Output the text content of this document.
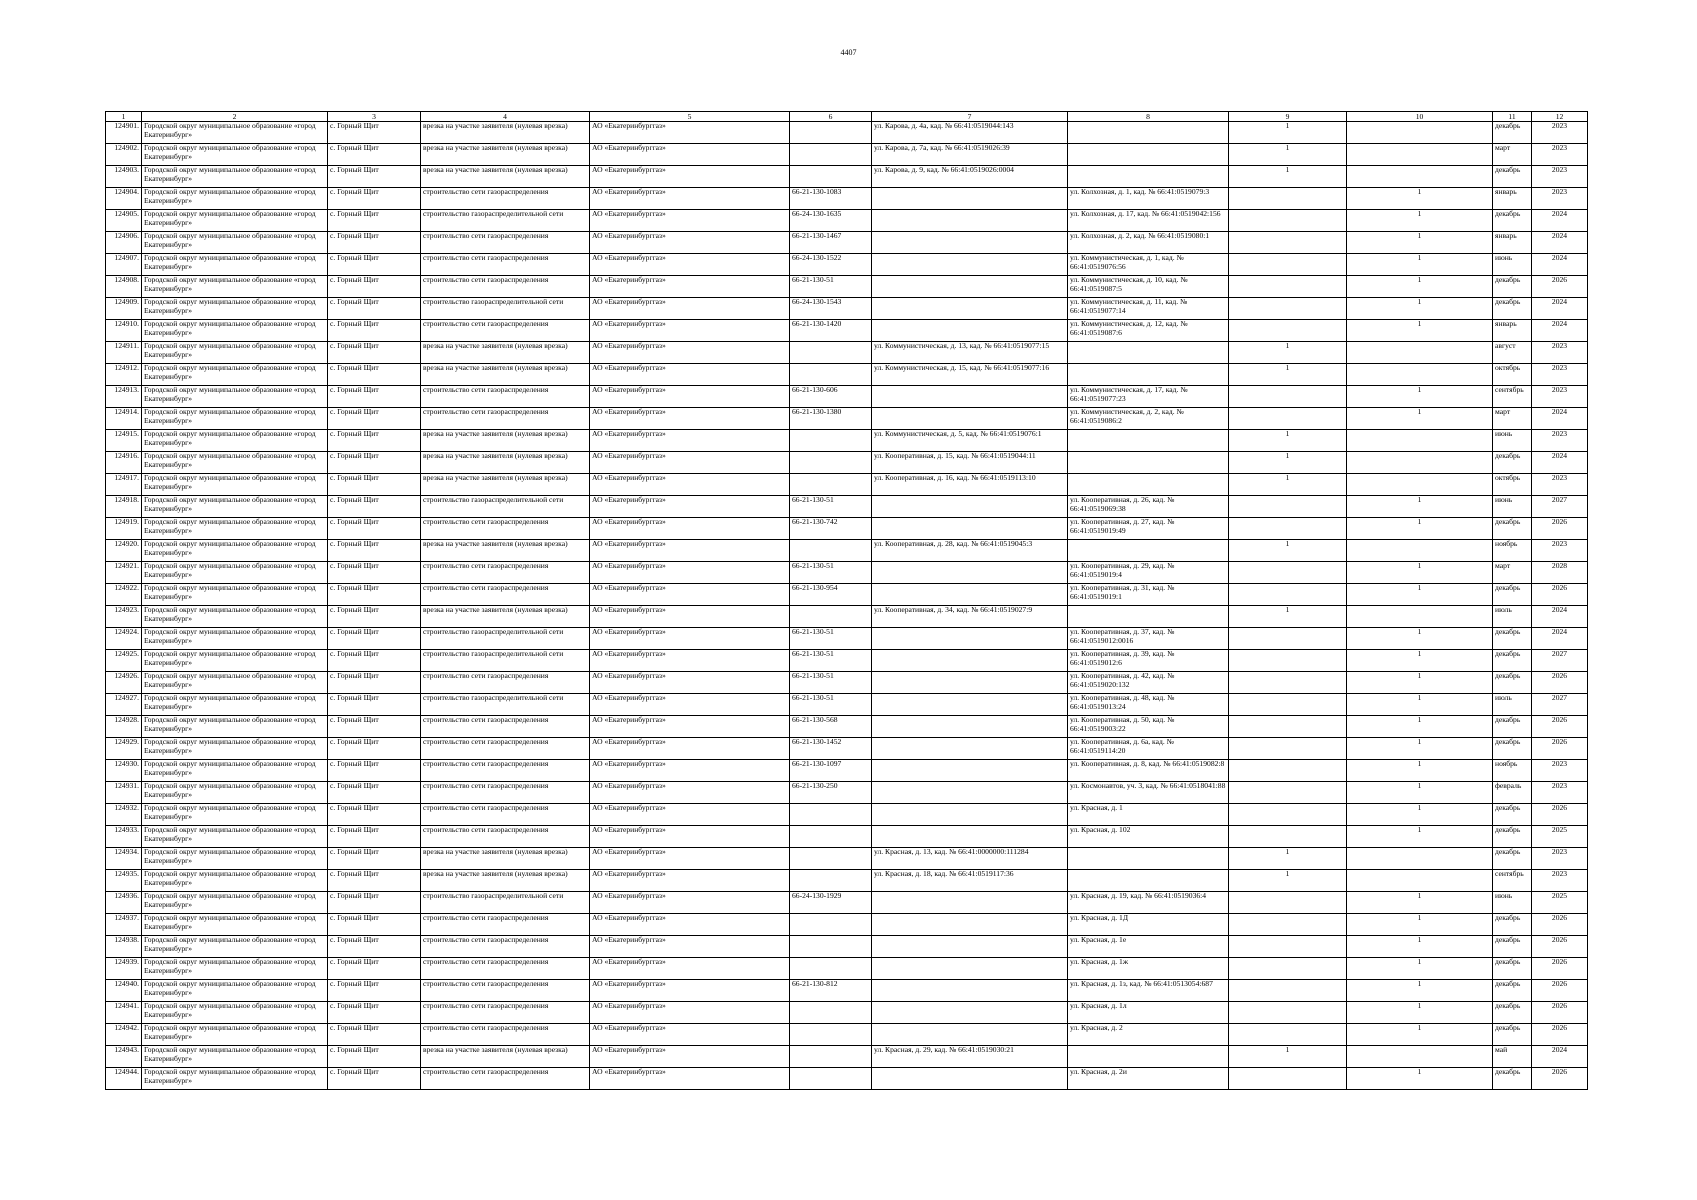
4407
1	2	3	4	5	6	7	8	9	10	11	12
124901.	Городской округ муниципальное образование «город Екатеринбург»	с. Горный Щит	врезка на участке заявителя (нулевая врезка)	АО «Екатеринбурггаз»		ул. Карова, д. 4а, кад. № 66:41:0519044:143		1		декабрь	2023
124902.	Городской округ муниципальное образование «город Екатеринбург»	с. Горный Щит	врезка на участке заявителя (нулевая врезка)	АО «Екатеринбурггаз»		ул. Карова, д. 7а, кад. № 66:41:0519026:39		1		март	2023
124903.	Городской округ муниципальное образование «город Екатеринбург»	с. Горный Щит	врезка на участке заявителя (нулевая врезка)	АО «Екатеринбурггаз»		ул. Карова, д. 9, кад. № 66:41:0519026:0004		1		декабрь	2023
124904.	Городской округ муниципальное образование «город Екатеринбург»	с. Горный Щит	строительство сети газораспределения	АО «Екатеринбурггаз»	66-21-130-1083		ул. Колхозная, д. 1, кад. № 66:41:0519079:3		1	январь	2023
124905.	Городской округ муниципальное образование «город Екатеринбург»	с. Горный Щит	строительство газораспределительной сети	АО «Екатеринбурггаз»	66-24-130-1635		ул. Колхозная, д. 17, кад. № 66:41:0519042:156		1	декабрь	2024
124906.	Городской округ муниципальное образование «город Екатеринбург»	с. Горный Щит	строительство сети газораспределения	АО «Екатеринбурггаз»	66-21-130-1467		ул. Колхозная, д. 2, кад. № 66:41:0519080:1		1	январь	2024
124907.	Городской округ муниципальное образование «город Екатеринбург»	с. Горный Щит	строительство сети газораспределения	АО «Екатеринбурггаз»	66-24-130-1522		ул. Коммунистическая, д. 1, кад. № 66:41:0519076:56		1	июнь	2024
124908.	Городской округ муниципальное образование «город Екатеринбург»	с. Горный Щит	строительство сети газораспределения	АО «Екатеринбурггаз»	66-21-130-51		ул. Коммунистическая, д. 10, кад. № 66:41:0519087:5		1	декабрь	2026
124909.	Городской округ муниципальное образование «город Екатеринбург»	с. Горный Щит	строительство газораспределительной сети	АО «Екатеринбурггаз»	66-24-130-1543		ул. Коммунистическая, д. 11, кад. № 66:41:0519077:14		1	декабрь	2024
124910.	Городской округ муниципальное образование «город Екатеринбург»	с. Горный Щит	строительство сети газораспределения	АО «Екатеринбурггаз»	66-21-130-1420		ул. Коммунистическая, д. 12, кад. № 66:41:0519087:6		1	январь	2024
124911.	Городской округ муниципальное образование «город Екатеринбург»	с. Горный Щит	врезка на участке заявителя (нулевая врезка)	АО «Екатеринбурггаз»		ул. Коммунистическая, д. 13, кад. № 66:41:0519077:15		1		август	2023
124912.	Городской округ муниципальное образование «город Екатеринбург»	с. Горный Щит	врезка на участке заявителя (нулевая врезка)	АО «Екатеринбурггаз»		ул. Коммунистическая, д. 15, кад. № 66:41:0519077:16		1		октябрь	2023
124913.	Городской округ муниципальное образование «город Екатеринбург»	с. Горный Щит	строительство сети газораспределения	АО «Екатеринбурггаз»	66-21-130-606		ул. Коммунистическая, д. 17, кад. № 66:41:0519077:23		1	сентябрь	2023
124914.	Городской округ муниципальное образование «город Екатеринбург»	с. Горный Щит	строительство сети газораспределения	АО «Екатеринбурггаз»	66-21-130-1380		ул. Коммунистическая, д. 2, кад. № 66:41:0519086:2		1	март	2024
124915.	Городской округ муниципальное образование «город Екатеринбург»	с. Горный Щит	врезка на участке заявителя (нулевая врезка)	АО «Екатеринбурггаз»		ул. Коммунистическая, д. 5, кад. № 66:41:0519076:1		1		июнь	2023
124916.	Городской округ муниципальное образование «город Екатеринбург»	с. Горный Щит	врезка на участке заявителя (нулевая врезка)	АО «Екатеринбурггаз»		ул. Кооперативная, д. 15, кад. № 66:41:0519044:11		1		декабрь	2024
124917.	Городской округ муниципальное образование «город Екатеринбург»	с. Горный Щит	врезка на участке заявителя (нулевая врезка)	АО «Екатеринбурггаз»		ул. Кооперативная, д. 16, кад. № 66:41:0519113:10		1		октябрь	2023
124918.	Городской округ муниципальное образование «город Екатеринбург»	с. Горный Щит	строительство газораспределительной сети	АО «Екатеринбурггаз»	66-21-130-51		ул. Кооперативная, д. 26, кад. № 66:41:0519069:38		1	июнь	2027
124919.	Городской округ муниципальное образование «город Екатеринбург»	с. Горный Щит	строительство сети газораспределения	АО «Екатеринбурггаз»	66-21-130-742		ул. Кооперативная, д. 27, кад. № 66:41:0519019:49		1	декабрь	2026
124920.	Городской округ муниципальное образование «город Екатеринбург»	с. Горный Щит	врезка на участке заявителя (нулевая врезка)	АО «Екатеринбурггаз»		ул. Кооперативная, д. 28, кад. № 66:41:0519045:3		1		ноябрь	2023
124921.	Городской округ муниципальное образование «город Екатеринбург»	с. Горный Щит	строительство сети газораспределения	АО «Екатеринбурггаз»	66-21-130-51		ул. Кооперативная, д. 29, кад. № 66:41:0519019:4		1	март	2028
124922.	Городской округ муниципальное образование «город Екатеринбург»	с. Горный Щит	строительство сети газораспределения	АО «Екатеринбурггаз»	66-21-130-954		ул. Кооперативная, д. 31, кад. № 66:41:0519019:1		1	декабрь	2026
124923.	Городской округ муниципальное образование «город Екатеринбург»	с. Горный Щит	врезка на участке заявителя (нулевая врезка)	АО «Екатеринбурггаз»		ул. Кооперативная, д. 34, кад. № 66:41:0519027:9		1		июль	2024
124924.	Городской округ муниципальное образование «город Екатеринбург»	с. Горный Щит	строительство газораспределительной сети	АО «Екатеринбурггаз»	66-21-130-51		ул. Кооперативная, д. 37, кад. № 66:41:0519012:0016		1	декабрь	2024
124925.	Городской округ муниципальное образование «город Екатеринбург»	с. Горный Щит	строительство газораспределительной сети	АО «Екатеринбурггаз»	66-21-130-51		ул. Кооперативная, д. 39, кад. № 66:41:0519012:6		1	декабрь	2027
124926.	Городской округ муниципальное образование «город Екатеринбург»	с. Горный Щит	строительство сети газораспределения	АО «Екатеринбурггаз»	66-21-130-51		ул. Кооперативная, д. 42, кад. № 66:41:0519020:132		1	декабрь	2026
124927.	Городской округ муниципальное образование «город Екатеринбург»	с. Горный Щит	строительство газораспределительной сети	АО «Екатеринбурггаз»	66-21-130-51		ул. Кооперативная, д. 48, кад. № 66:41:0519013:24		1	июль	2027
124928.	Городской округ муниципальное образование «город Екатеринбург»	с. Горный Щит	строительство сети газораспределения	АО «Екатеринбурггаз»	66-21-130-568		ул. Кооперативная, д. 50, кад. № 66:41:0519003:22		1	декабрь	2026
124929.	Городской округ муниципальное образование «город Екатеринбург»	с. Горный Щит	строительство сети газораспределения	АО «Екатеринбурггаз»	66-21-130-1452		ул. Кооперативная, д. 6а, кад. № 66:41:0519114:20		1	декабрь	2026
124930.	Городской округ муниципальное образование «город Екатеринбург»	с. Горный Щит	строительство сети газораспределения	АО «Екатеринбурггаз»	66-21-130-1097		ул. Кооперативная, д. 8, кад. № 66:41:0519082:8		1	ноябрь	2023
124931.	Городской округ муниципальное образование «город Екатеринбург»	с. Горный Щит	строительство сети газораспределения	АО «Екатеринбурггаз»	66-21-130-250		ул. Космонавтов, уч. 3, кад. № 66:41:0518041:88		1	февраль	2023
124932.	Городской округ муниципальное образование «город Екатеринбург»	с. Горный Щит	строительство сети газораспределения	АО «Екатеринбурггаз»			ул. Красная, д. 1		1	декабрь	2026
124933.	Городской округ муниципальное образование «город Екатеринбург»	с. Горный Щит	строительство сети газораспределения	АО «Екатеринбурггаз»			ул. Красная, д. 102		1	декабрь	2025
124934.	Городской округ муниципальное образование «город Екатеринбург»	с. Горный Щит	врезка на участке заявителя (нулевая врезка)	АО «Екатеринбурггаз»		ул. Красная, д. 13, кад. № 66:41:0000000:111284		1		декабрь	2023
124935.	Городской округ муниципальное образование «город Екатеринбург»	с. Горный Щит	врезка на участке заявителя (нулевая врезка)	АО «Екатеринбурггаз»		ул. Красная, д. 18, кад. № 66:41:0519117:36		1		сентябрь	2023
124936.	Городской округ муниципальное образование «город Екатеринбург»	с. Горный Щит	строительство газораспределительной сети	АО «Екатеринбурггаз»	66-24-130-1929		ул. Красная, д. 19, кад. № 66:41:0519036:4		1	июнь	2025
124937.	Городской округ муниципальное образование «город Екатеринбург»	с. Горный Щит	строительство сети газораспределения	АО «Екатеринбурггаз»			ул. Красная, д. 1Д		1	декабрь	2026
124938.	Городской округ муниципальное образование «город Екатеринбург»	с. Горный Щит	строительство сети газораспределения	АО «Екатеринбурггаз»			ул. Красная, д. 1е		1	декабрь	2026
124939.	Городской округ муниципальное образование «город Екатеринбург»	с. Горный Щит	строительство сети газораспределения	АО «Екатеринбурггаз»			ул. Красная, д. 1ж		1	декабрь	2026
124940.	Городской округ муниципальное образование «город Екатеринбург»	с. Горный Щит	строительство сети газораспределения	АО «Екатеринбурггаз»	66-21-130-812		ул. Красная, д. 1з, кад. № 66:41:0513054:687		1	декабрь	2026
124941.	Городской округ муниципальное образование «город Екатеринбург»	с. Горный Щит	строительство сети газораспределения	АО «Екатеринбурггаз»			ул. Красная, д. 1л		1	декабрь	2026
124942.	Городской округ муниципальное образование «город Екатеринбург»	с. Горный Щит	строительство сети газораспределения	АО «Екатеринбурггаз»			ул. Красная, д. 2		1	декабрь	2026
124943.	Городской округ муниципальное образование «город Екатеринбург»	с. Горный Щит	врезка на участке заявителя (нулевая врезка)	АО «Екатеринбурггаз»		ул. Красная, д. 29, кад. № 66:41:0519030:21		1		май	2024
124944.	Городской округ муниципальное образование «город Екатеринбург»	с. Горный Щит	строительство сети газораспределения	АО «Екатеринбурггаз»			ул. Красная, д. 2и		1	декабрь	2026
